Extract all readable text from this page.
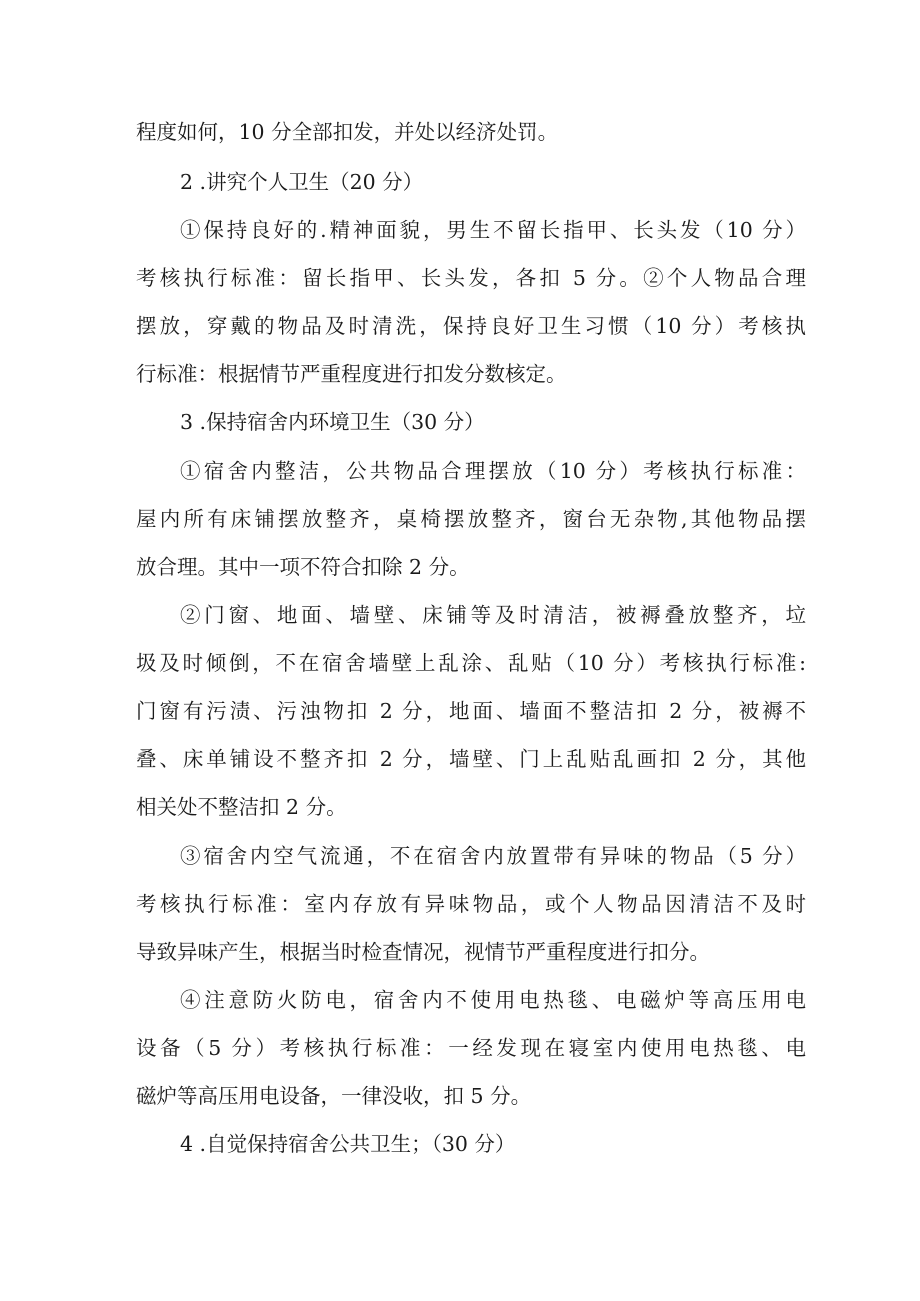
程度如何，10 分全部扣发，并处以经济处罚。
2 .讲究个人卫生（20 分）
①保持良好的.精神面貌，男生不留长指甲、长头发（10 分）
考核执行标准：留长指甲、长头发，各扣 5 分。②个人物品合理
摆放，穿戴的物品及时清洗，保持良好卫生习惯（10 分）考核执
行标准：根据情节严重程度进行扣发分数核定。
3 .保持宿舍内环境卫生（30 分）
①宿舍内整洁，公共物品合理摆放（10 分）考核执行标准：
屋内所有床铺摆放整齐，桌椅摆放整齐，窗台无杂物,其他物品摆
放合理。其中一项不符合扣除 2 分。
②门窗、地面、墙壁、床铺等及时清洁，被褥叠放整齐，垃
圾及时倾倒，不在宿舍墙壁上乱涂、乱贴（10 分）考核执行标准:
门窗有污渍、污浊物扣 2 分，地面、墙面不整洁扣 2 分，被褥不
叠、床单铺设不整齐扣 2 分，墙壁、门上乱贴乱画扣 2 分，其他
相关处不整洁扣 2 分。
③宿舍内空气流通，不在宿舍内放置带有异味的物品（5 分）
考核执行标准：室内存放有异味物品，或个人物品因清洁不及时
导致异味产生，根据当时检查情况，视情节严重程度进行扣分。
④注意防火防电，宿舍内不使用电热毯、电磁炉等高压用电
设备（5 分）考核执行标准：一经发现在寝室内使用电热毯、电
磁炉等高压用电设备，一律没收，扣 5 分。
4 .自觉保持宿舍公共卫生；（30 分）
